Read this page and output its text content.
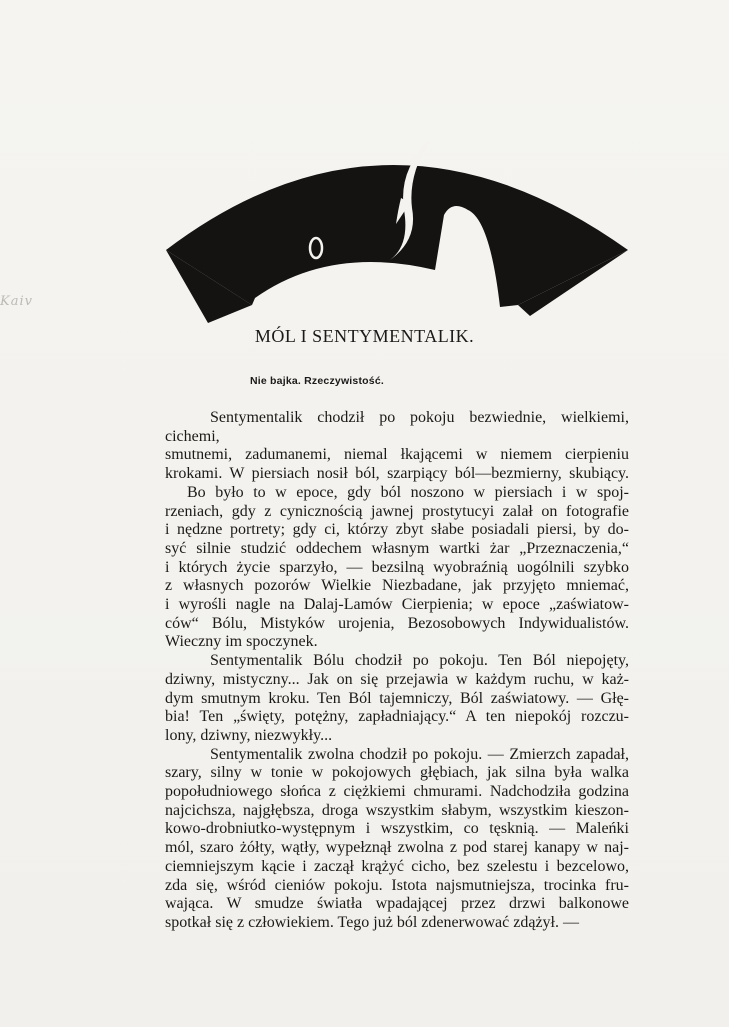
Kaiv
MÓL I SENTYMENTALIK.
Nie bajka. Rzeczywistość.

Sentymentalik chodził po pokoju bezwiednie, wielkiemi, cichemi,

smutnemi, zadumanemi, niemal łkającemi w niemem cierpieniu

krokami. W piersiach nosił ból, szarpiący ból—bezmierny, skubiący.

Bo było to w epoce, gdy ból noszono w piersiach i w spoj-

rzeniach, gdy z cynicznością jawnej prostytucyi zalał on fotografie

i nędzne portrety; gdy ci, którzy zbyt słabe posiadali piersi, by do-

syć silnie studzić oddechem własnym wartki żar „Przeznaczenia,“

i których życie sparzyło, — bezsilną wyobraźnią uogólnili szybko

z własnych pozorów Wielkie Niezbadane, jak przyjęto mniemać,

i wyrośli nagle na Dalaj-Lamów Cierpienia; w epoce „zaświatow-

ców“ Bólu, Mistyków urojenia, Bezosobowych Indywidualistów.

Wieczny im spoczynek.

Sentymentalik Bólu chodził po pokoju. Ten Ból niepojęty,

dziwny, mistyczny... Jak on się przejawia w każdym ruchu, w każ-

dym smutnym kroku. Ten Ból tajemniczy, Ból zaświatowy. — Głę-

bia! Ten „święty, potężny, zapładniający.“ A ten niepokój rozczu-

lony, dziwny, niezwykły...

Sentymentalik zwolna chodził po pokoju. — Zmierzch zapadał,

szary, silny w tonie w pokojowych głębiach, jak silna była walka

popołudniowego słońca z ciężkiemi chmurami. Nadchodziła godzina

najcichsza, najgłębsza, droga wszystkim słabym, wszystkim kieszon-

kowo-drobniutko-występnym i wszystkim, co tęsknią. — Maleńki

mól, szaro żółty, wątły, wypełznął zwolna z pod starej kanapy w naj-

ciemniejszym kącie i zaczął krążyć cicho, bez szelestu i bezcelowo,

zda się, wśród cieniów pokoju. Istota najsmutniejsza, trocinka fru-

wająca. W smudze światła wpadającej przez drzwi balkonowe

spotkał się z człowiekiem. Tego już ból zdenerwować zdążył. —
